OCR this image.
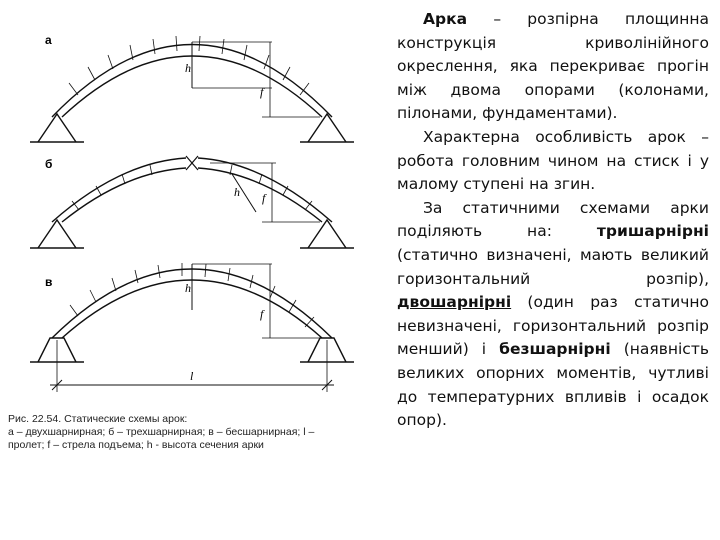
а
h
f
б
h f
в	h
f
l
Рис. 22.54. Статические схемы арок:
а – двухшарнирная; б – трехшарнирная; в – бесшарнирная; l –
пролет; f – стрела подъема; h - высота сечения арки

Арка – розпірна площинна конструкція криволінійного окреслення, яка перекриває прогін між двома опорами (колонами, пілонами, фундаментами).

Характерна особливість арок – робота головним чином на стиск і у малому ступені на згин.

За статичними схемами арки поділяють на: тришарнірні (статично визначені, мають великий горизонтальний розпір), двошарнірні (один раз статично невизначені, горизонтальний розпір менший) і безшарнірні (наявність великих опорних моментів, чутливі до температурних впливів і осадок опор).
